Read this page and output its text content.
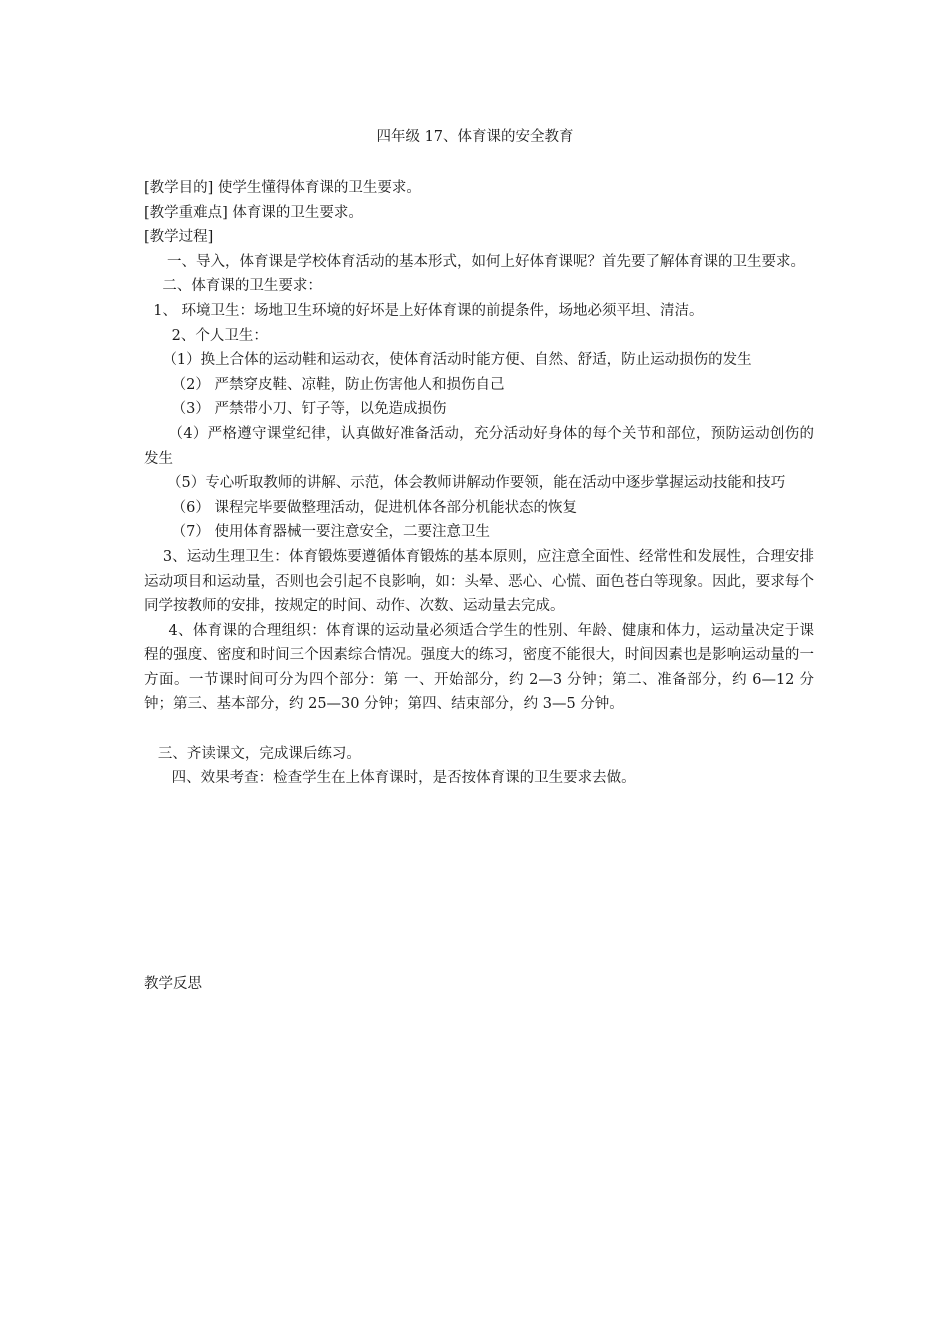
四年级 17、体育课的安全教育
[教学目的] 使学生懂得体育课的卫生要求。
[教学重难点] 体育课的卫生要求。
[教学过程]
一、导入，体育课是学校体育活动的基本形式，如何上好体育课呢？首先要了解体育课的卫生要求。
二、体育课的卫生要求：
1、 环境卫生：场地卫生环境的好坏是上好体育课的前提条件，场地必须平坦、清洁。
2、个人卫生：
（1）换上合体的运动鞋和运动衣，使体育活动时能方便、自然、舒适，防止运动损伤的发生
（2） 严禁穿皮鞋、凉鞋，防止伤害他人和损伤自己
（3） 严禁带小刀、钉子等，以免造成损伤
（4）严格遵守课堂纪律，认真做好准备活动，充分活动好身体的每个关节和部位，预防运动创伤的发生
（5）专心听取教师的讲解、示范，体会教师讲解动作要领，能在活动中逐步掌握运动技能和技巧
（6） 课程完毕要做整理活动，促进机体各部分机能状态的恢复
（7） 使用体育器械一要注意安全，二要注意卫生
3、运动生理卫生：体育锻炼要遵循体育锻炼的基本原则，应注意全面性、经常性和发展性，合理安排运动项目和运动量，否则也会引起不良影响，如：头晕、恶心、心慌、面色苍白等现象。因此，要求每个同学按教师的安排，按规定的时间、动作、次数、运动量去完成。
4、体育课的合理组织：体育课的运动量必须适合学生的性别、年龄、健康和体力，运动量决定于课程的强度、密度和时间三个因素综合情况。强度大的练习，密度不能很大，时间因素也是影响运动量的一方面。一节课时间可分为四个部分：第 一、开始部分，约 2—3 分钟；第二、准备部分，约 6—12 分钟；第三、基本部分，约 25—30 分钟；第四、结束部分，约 3—5 分钟。
三、齐读课文，完成课后练习。
四、效果考查：检查学生在上体育课时，是否按体育课的卫生要求去做。
教学反思
